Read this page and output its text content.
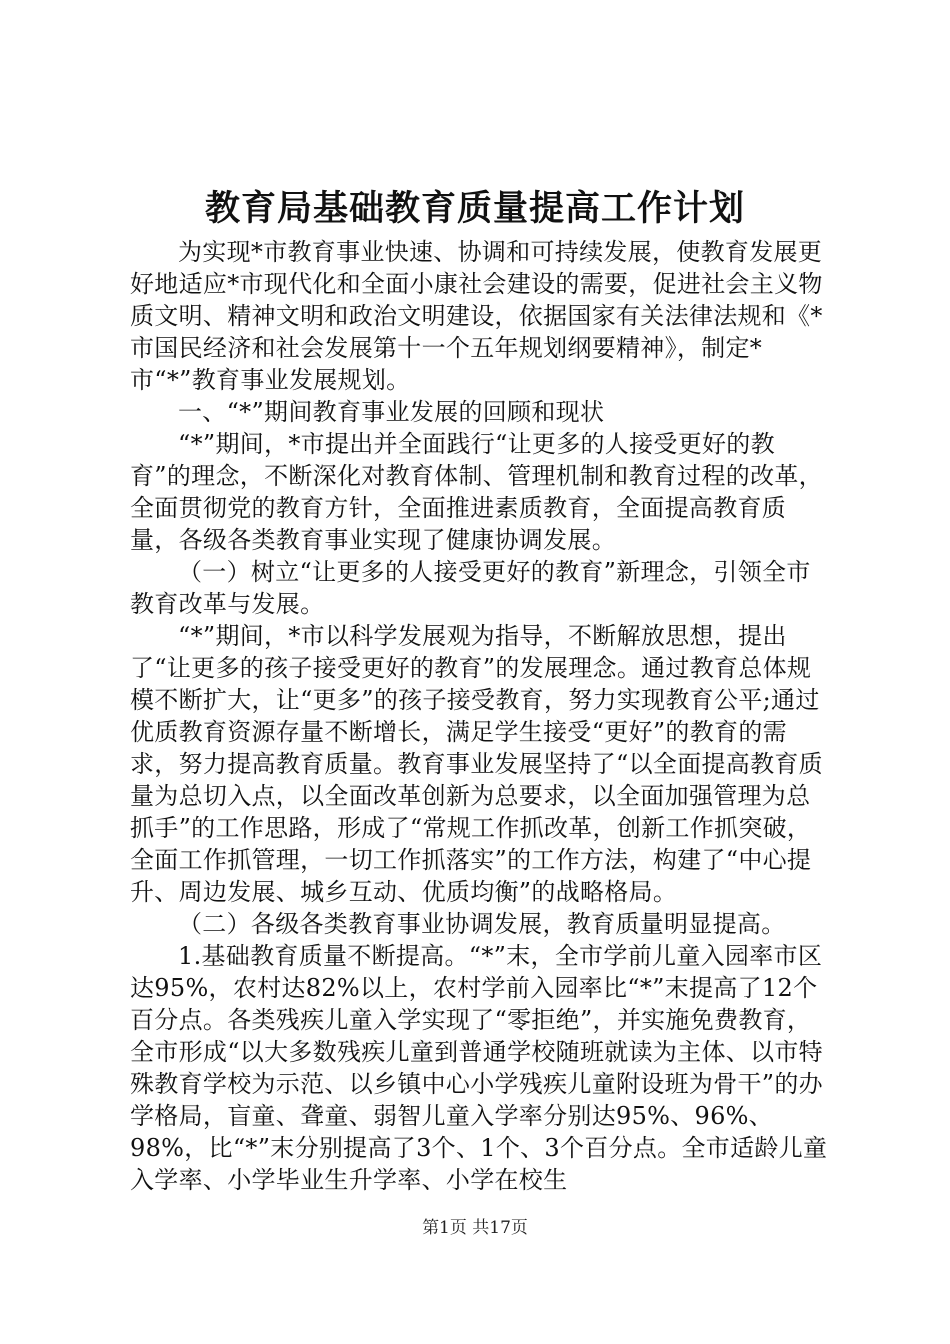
教育局基础教育质量提高工作计划

为实现*市教育事业快速、协调和可持续发展，使教育发展更好地适应*市现代化和全面小康社会建设的需要，促进社会主义物质文明、精神文明和政治文明建设，依据国家有关法律法规和《*市国民经济和社会发展第十一个五年规划纲要精神》，制定*市“*”教育事业发展规划。

一、“*”期间教育事业发展的回顾和现状

“*”期间，*市提出并全面践行“让更多的人接受更好的教育”的理念，不断深化对教育体制、管理机制和教育过程的改革，全面贯彻党的教育方针，全面推进素质教育，全面提高教育质量，各级各类教育事业实现了健康协调发展。

（一）树立“让更多的人接受更好的教育”新理念，引领全市教育改革与发展。

“*”期间，*市以科学发展观为指导，不断解放思想，提出了“让更多的孩子接受更好的教育”的发展理念。通过教育总体规模不断扩大，让“更多”的孩子接受教育，努力实现教育公平;通过优质教育资源存量不断增长，满足学生接受“更好”的教育的需求，努力提高教育质量。教育事业发展坚持了“以全面提高教育质量为总切入点，以全面改革创新为总要求，以全面加强管理为总抓手”的工作思路，形成了“常规工作抓改革，创新工作抓突破，全面工作抓管理，一切工作抓落实”的工作方法，构建了“中心提升、周边发展、城乡互动、优质均衡”的战略格局。

（二）各级各类教育事业协调发展，教育质量明显提高。

1.基础教育质量不断提高。“*”末，全市学前儿童入园率市区达95%，农村达82%以上，农村学前入园率比“*”末提高了12个百分点。各类残疾儿童入学实现了“零拒绝”，并实施免费教育，全市形成“以大多数残疾儿童到普通学校随班就读为主体、以市特殊教育学校为示范、以乡镇中心小学残疾儿童附设班为骨干”的办学格局，盲童、聋童、弱智儿童入学率分别达95%、96%、98%，比“*”末分别提高了3个、1个、3个百分点。全市适龄儿童入学率、小学毕业生升学率、小学在校生

第1页 共17页
